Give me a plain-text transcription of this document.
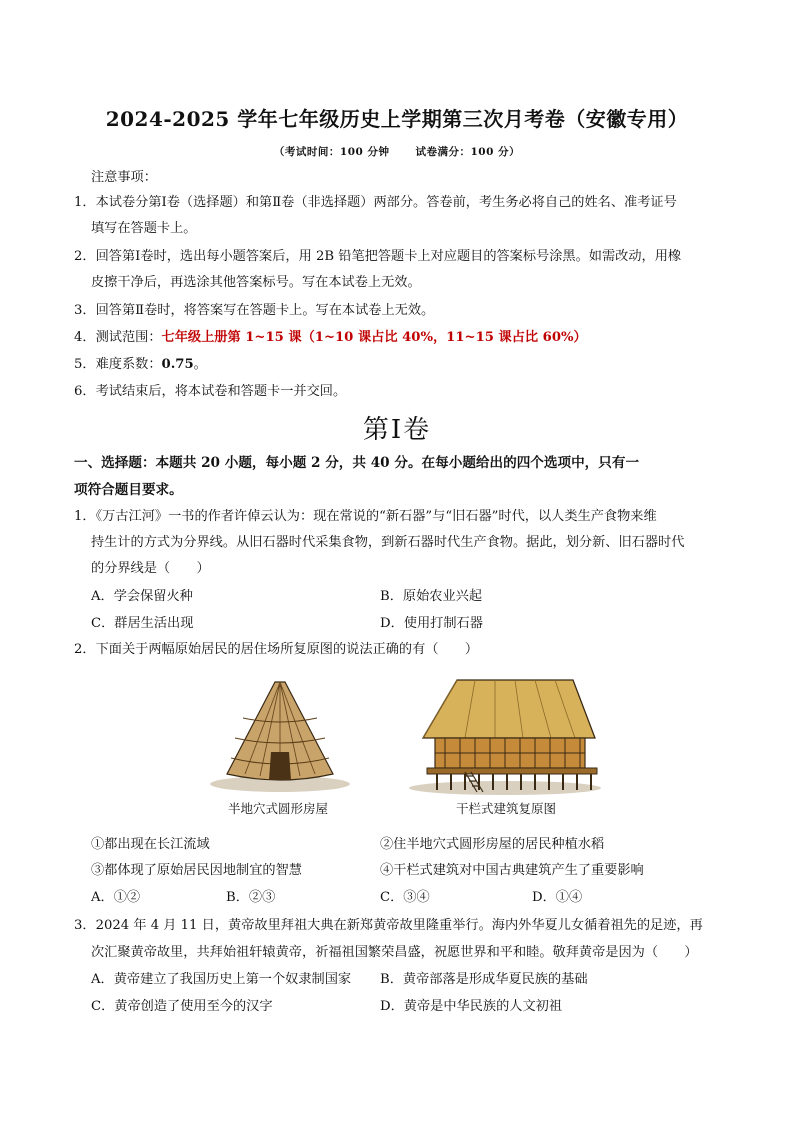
2024-2025 学年七年级历史上学期第三次月考卷（安徽专用）
（考试时间：100 分钟 试卷满分：100 分）
注意事项：
1．本试卷分第Ⅰ卷（选择题）和第Ⅱ卷（非选择题）两部分。答卷前，考生务必将自己的姓名、准考证号
填写在答题卡上。
2．回答第Ⅰ卷时，选出每小题答案后，用 2B 铅笔把答题卡上对应题目的答案标号涂黑。如需改动，用橡
皮擦干净后，再选涂其他答案标号。写在本试卷上无效。
3．回答第Ⅱ卷时，将答案写在答题卡上。写在本试卷上无效。
4．测试范围：七年级上册第 1~15 课（1~10 课占比 40%，11~15 课占比 60%）
5．难度系数：0.75。
6．考试结束后，将本试卷和答题卡一并交回。
第Ⅰ卷
一、选择题：本题共 20 小题，每小题 2 分，共 40 分。在每小题给出的四个选项中，只有一
项符合题目要求。
1．《万古江河》一书的作者许倬云认为：现在常说的“新石器”与“旧石器”时代，以人类生产食物来维
持生计的方式为分界线。从旧石器时代采集食物，到新石器时代生产食物。据此，划分新、旧石器时代
的分界线是（　　）
A．学会保留火种	B．原始农业兴起
C．群居生活出现	D．使用打制石器
2．下面关于两幅原始居民的居住场所复原图的说法正确的有（　　）
半地穴式圆形房屋	干栏式建筑复原图
①都出现在长江流域	②住半地穴式圆形房屋的居民种植水稻
③都体现了原始居民因地制宜的智慧	④干栏式建筑对中国古典建筑产生了重要影响
A．①②	B．②③	C．③④	D．①④
3．2024 年 4 月 11 日，黄帝故里拜祖大典在新郑黄帝故里隆重举行。海内外华夏儿女循着祖先的足迹，再
次汇聚黄帝故里，共拜始祖轩辕黄帝，祈福祖国繁荣昌盛，祝愿世界和平和睦。敬拜黄帝是因为（　　）
A．黄帝建立了我国历史上第一个奴隶制国家 B．黄帝部落是形成华夏民族的基础
C．黄帝创造了使用至今的汉字	D．黄帝是中华民族的人文初祖
